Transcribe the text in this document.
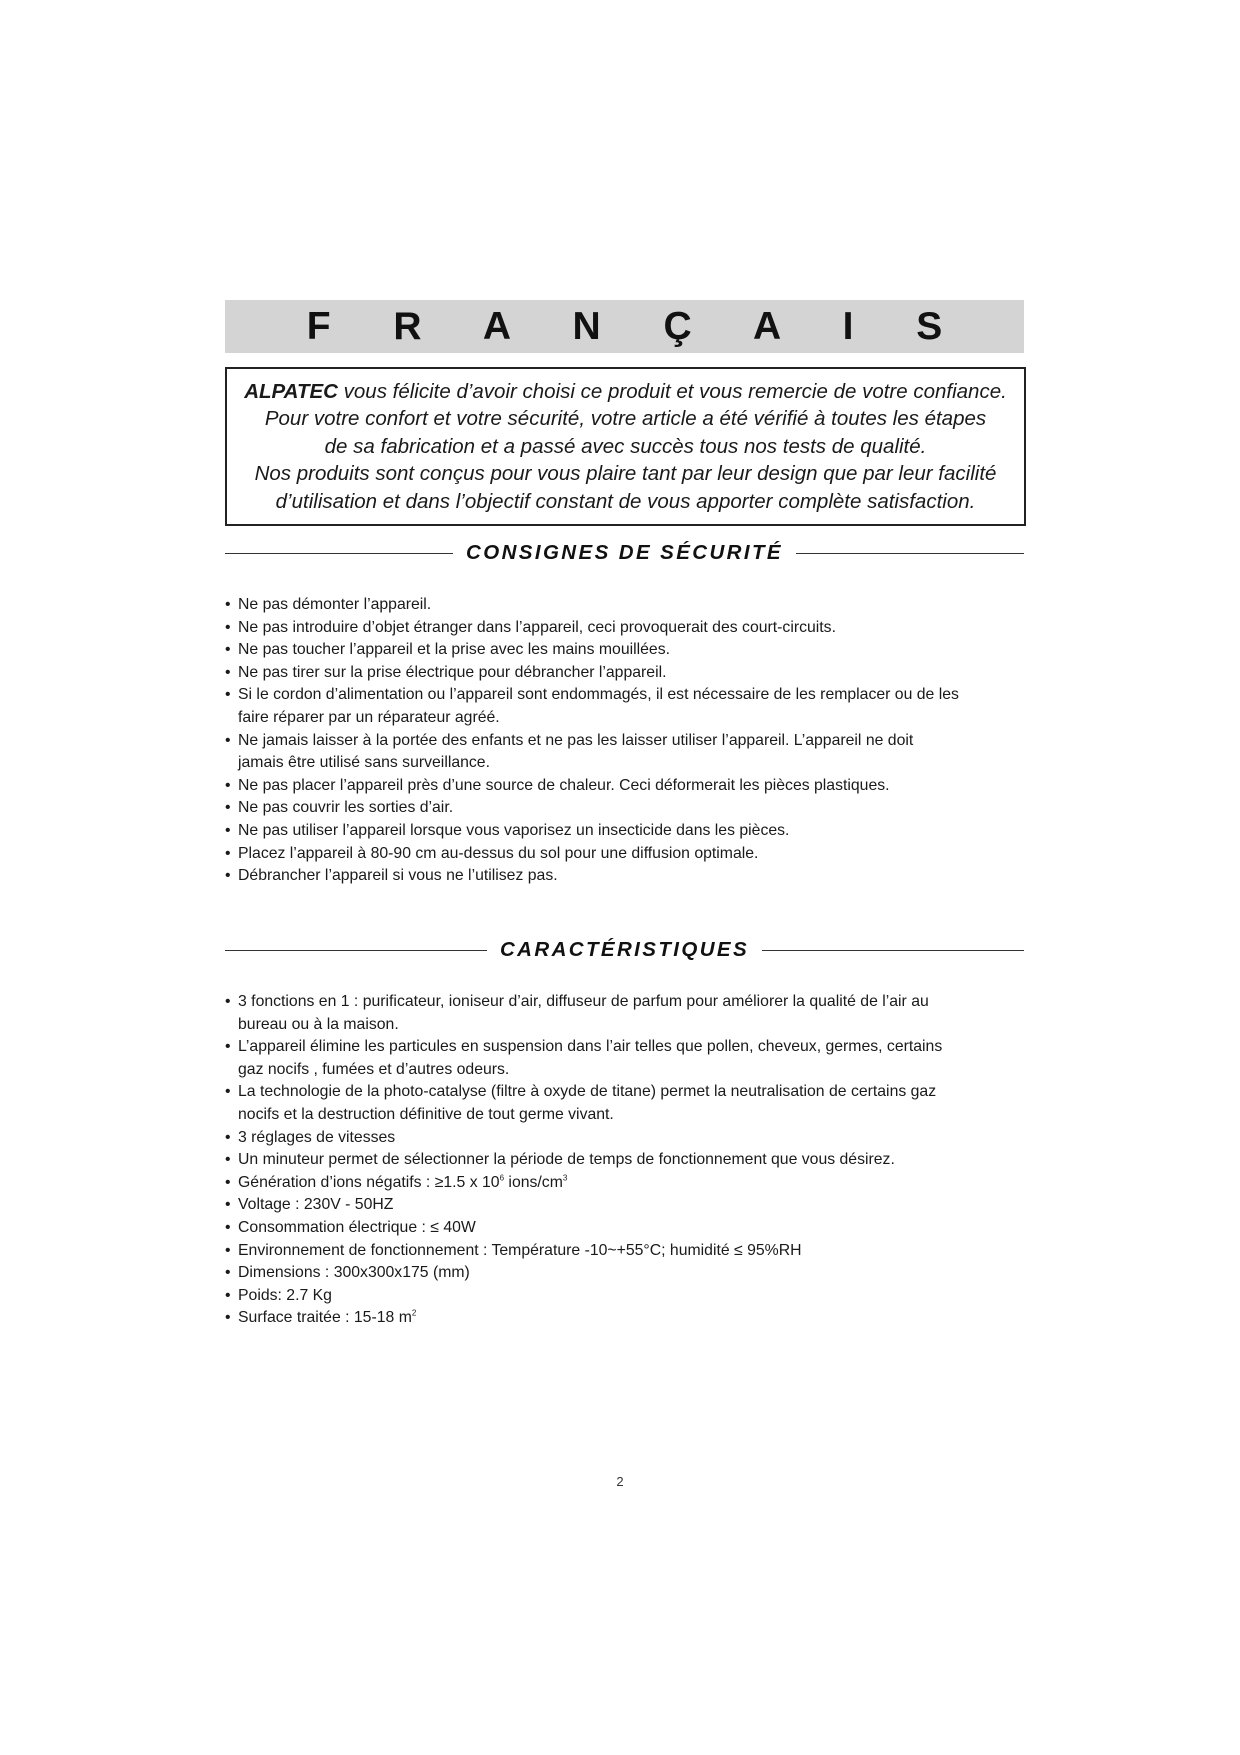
F R A N Ç A I S
ALPATEC vous félicite d’avoir choisi ce produit et vous remercie de votre confiance.
Pour votre confort et votre sécurité, votre article a été vérifié à toutes les étapes
de sa fabrication et a passé avec succès tous nos tests de qualité.
Nos produits sont conçus pour vous plaire tant par leur design que par leur facilité
d’utilisation et dans l’objectif constant de vous apporter complète satisfaction.
CONSIGNES DE SÉCURITÉ
• Ne pas démonter l’appareil.
• Ne pas introduire d’objet étranger dans l’appareil, ceci provoquerait des court-circuits.
• Ne pas toucher l’appareil et la prise avec les mains mouillées.
• Ne pas tirer sur la prise électrique pour débrancher l’appareil.
• Si le cordon d’alimentation ou l’appareil sont endommagés, il est nécessaire de les remplacer ou de les
faire réparer par un réparateur agréé.
• Ne jamais laisser à la portée des enfants et ne pas les laisser utiliser l’appareil. L’appareil ne doit
jamais être utilisé sans surveillance.
• Ne pas placer l’appareil près d’une source de chaleur. Ceci déformerait les pièces plastiques.
• Ne pas couvrir les sorties d’air.
• Ne pas utiliser l’appareil lorsque vous vaporisez un insecticide dans les pièces.
• Placez l’appareil à 80-90 cm au-dessus du sol pour une diffusion optimale.
• Débrancher l’appareil si vous ne l’utilisez pas.
CARACTÉRISTIQUES
• 3 fonctions en 1 : purificateur, ioniseur d’air, diffuseur de parfum pour améliorer la qualité de l’air au
bureau ou à la maison.
• L’appareil élimine les particules en suspension dans l’air telles que pollen, cheveux, germes, certains
gaz nocifs , fumées et d’autres odeurs.
• La technologie de la photo-catalyse (filtre à oxyde de titane) permet la neutralisation de certains gaz
nocifs et la destruction définitive de tout germe vivant.
• 3 réglages de vitesses
• Un minuteur permet de sélectionner la période de temps de fonctionnement que vous désirez.
• Génération d’ions négatifs : ≥1.5 x $10^6$ ions/$cm^3$
• Voltage : 230V - 50HZ
• Consommation électrique : ≤ 40W
• Environnement de fonctionnement : Température -10~+55°C; humidité ≤ 95%RH
• Dimensions : 300x300x175 (mm)
• Poids: 2.7 Kg
• Surface traitée : 15-18 $m^2$
2
